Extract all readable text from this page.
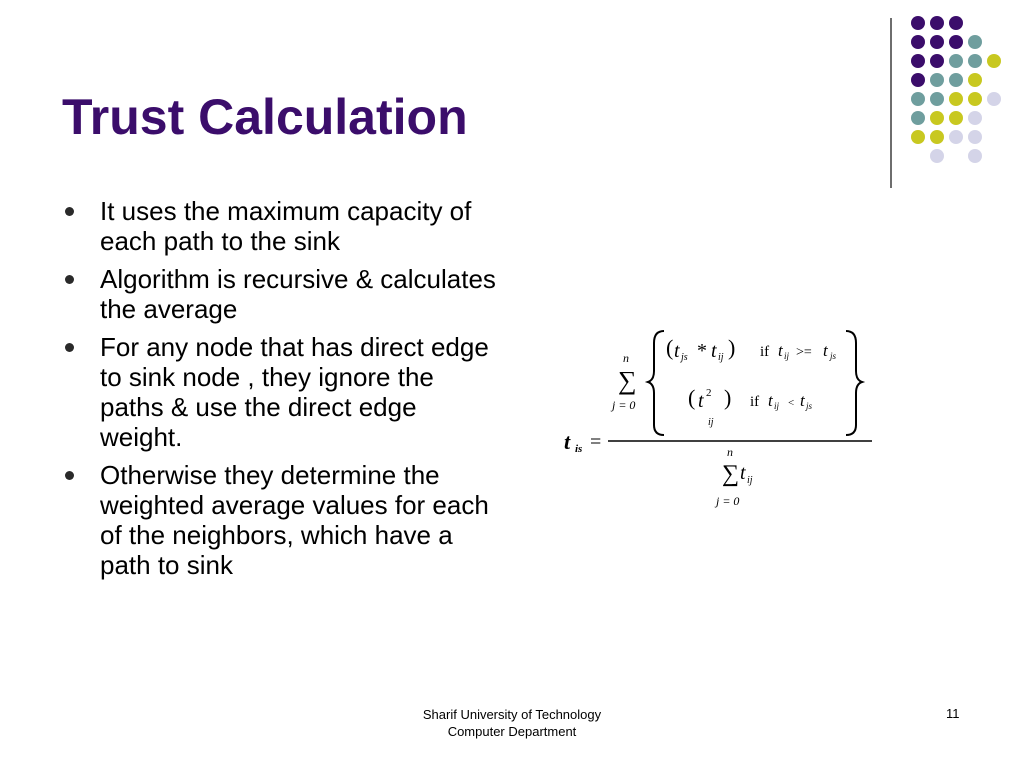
Trust Calculation
It uses the maximum capacity of each path to the sink
Algorithm is recursive & calculates the average
For any node that has direct edge to sink node , they ignore the paths & use the direct edge weight.
Otherwise they determine the weighted average values for each of the neighbors, which have a path to sink
t is =
n
∑
j = 0
( t js * t ij ) if t ij >= t js
( t 2
ij
) if t ij < t js
n
∑
j = 0
t ij
Sharif University of Technology
Computer Department
11
